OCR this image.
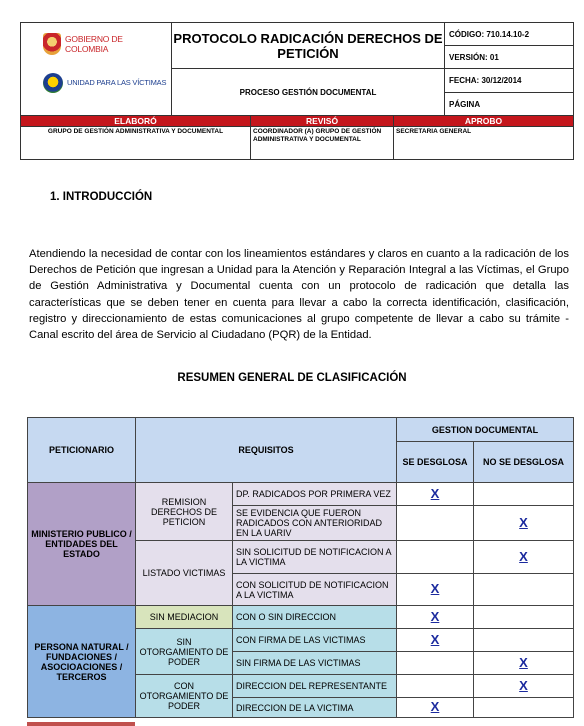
GOBIERNO DE COLOMBIA
UNIDAD PARA LAS VÍCTIMAS	PROTOCOLO RADICACIÓN DERECHOS DE PETICIÓN	CÓDIGO: 710.14.10-2
		VERSIÓN: 01
	PROCESO GESTIÓN DOCUMENTAL	FECHA: 30/12/2014
		PÁGINA
ELABORÓ	REVISÓ	APROBO
GRUPO DE GESTIÓN ADMINISTRATIVA Y DOCUMENTAL	COORDINADOR (A) GRUPO DE GESTIÓN ADMINISTRATIVA Y DOCUMENTAL	SECRETARIA GENERAL
1. INTRODUCCIÓN
Atendiendo la necesidad de contar con los lineamientos estándares y claros en cuanto a la radicación de los Derechos de Petición que ingresan a Unidad para la Atención y Reparación Integral a las Víctimas, el Grupo de Gestión Administrativa y Documental cuenta con un protocolo de radicación que detalla las características que se deben tener en cuenta para llevar a cabo la correcta identificación, clasificación, registro y direccionamiento de estas comunicaciones al grupo competente de llevar a cabo su trámite - Canal escrito del área de Servicio al Ciudadano (PQR) de la Entidad.
RESUMEN GENERAL DE CLASIFICACIÓN
PETICIONARIO	REQUISITOS		GESTION DOCUMENTAL	
			SE DESGLOSA	NO SE DESGLOSA
MINISTERIO PUBLICO / ENTIDADES DEL ESTADO	REMISION DERECHOS DE PETICION	DP. RADICADOS POR PRIMERA VEZ	X	
		SE EVIDENCIA QUE FUERON RADICADOS CON ANTERIORIDAD EN LA UARIV		X
	LISTADO VICTIMAS	SIN SOLICITUD DE NOTIFICACION A LA VICTIMA		X
		CON SOLICITUD DE NOTIFICACION A LA VICTIMA	X	
PERSONA NATURAL / FUNDACIONES / ASOCIOACIONES / TERCEROS	SIN MEDIACION	CON O SIN DIRECCION	X	
	SIN OTORGAMIENTO DE PODER	CON FIRMA DE LAS VICTIMAS	X	
		SIN FIRMA DE LAS VICTIMAS		X
	CON OTORGAMIENTO DE PODER	DIRECCION DEL REPRESENTANTE		X
		DIRECCION DE LA VICTIMA	X	
